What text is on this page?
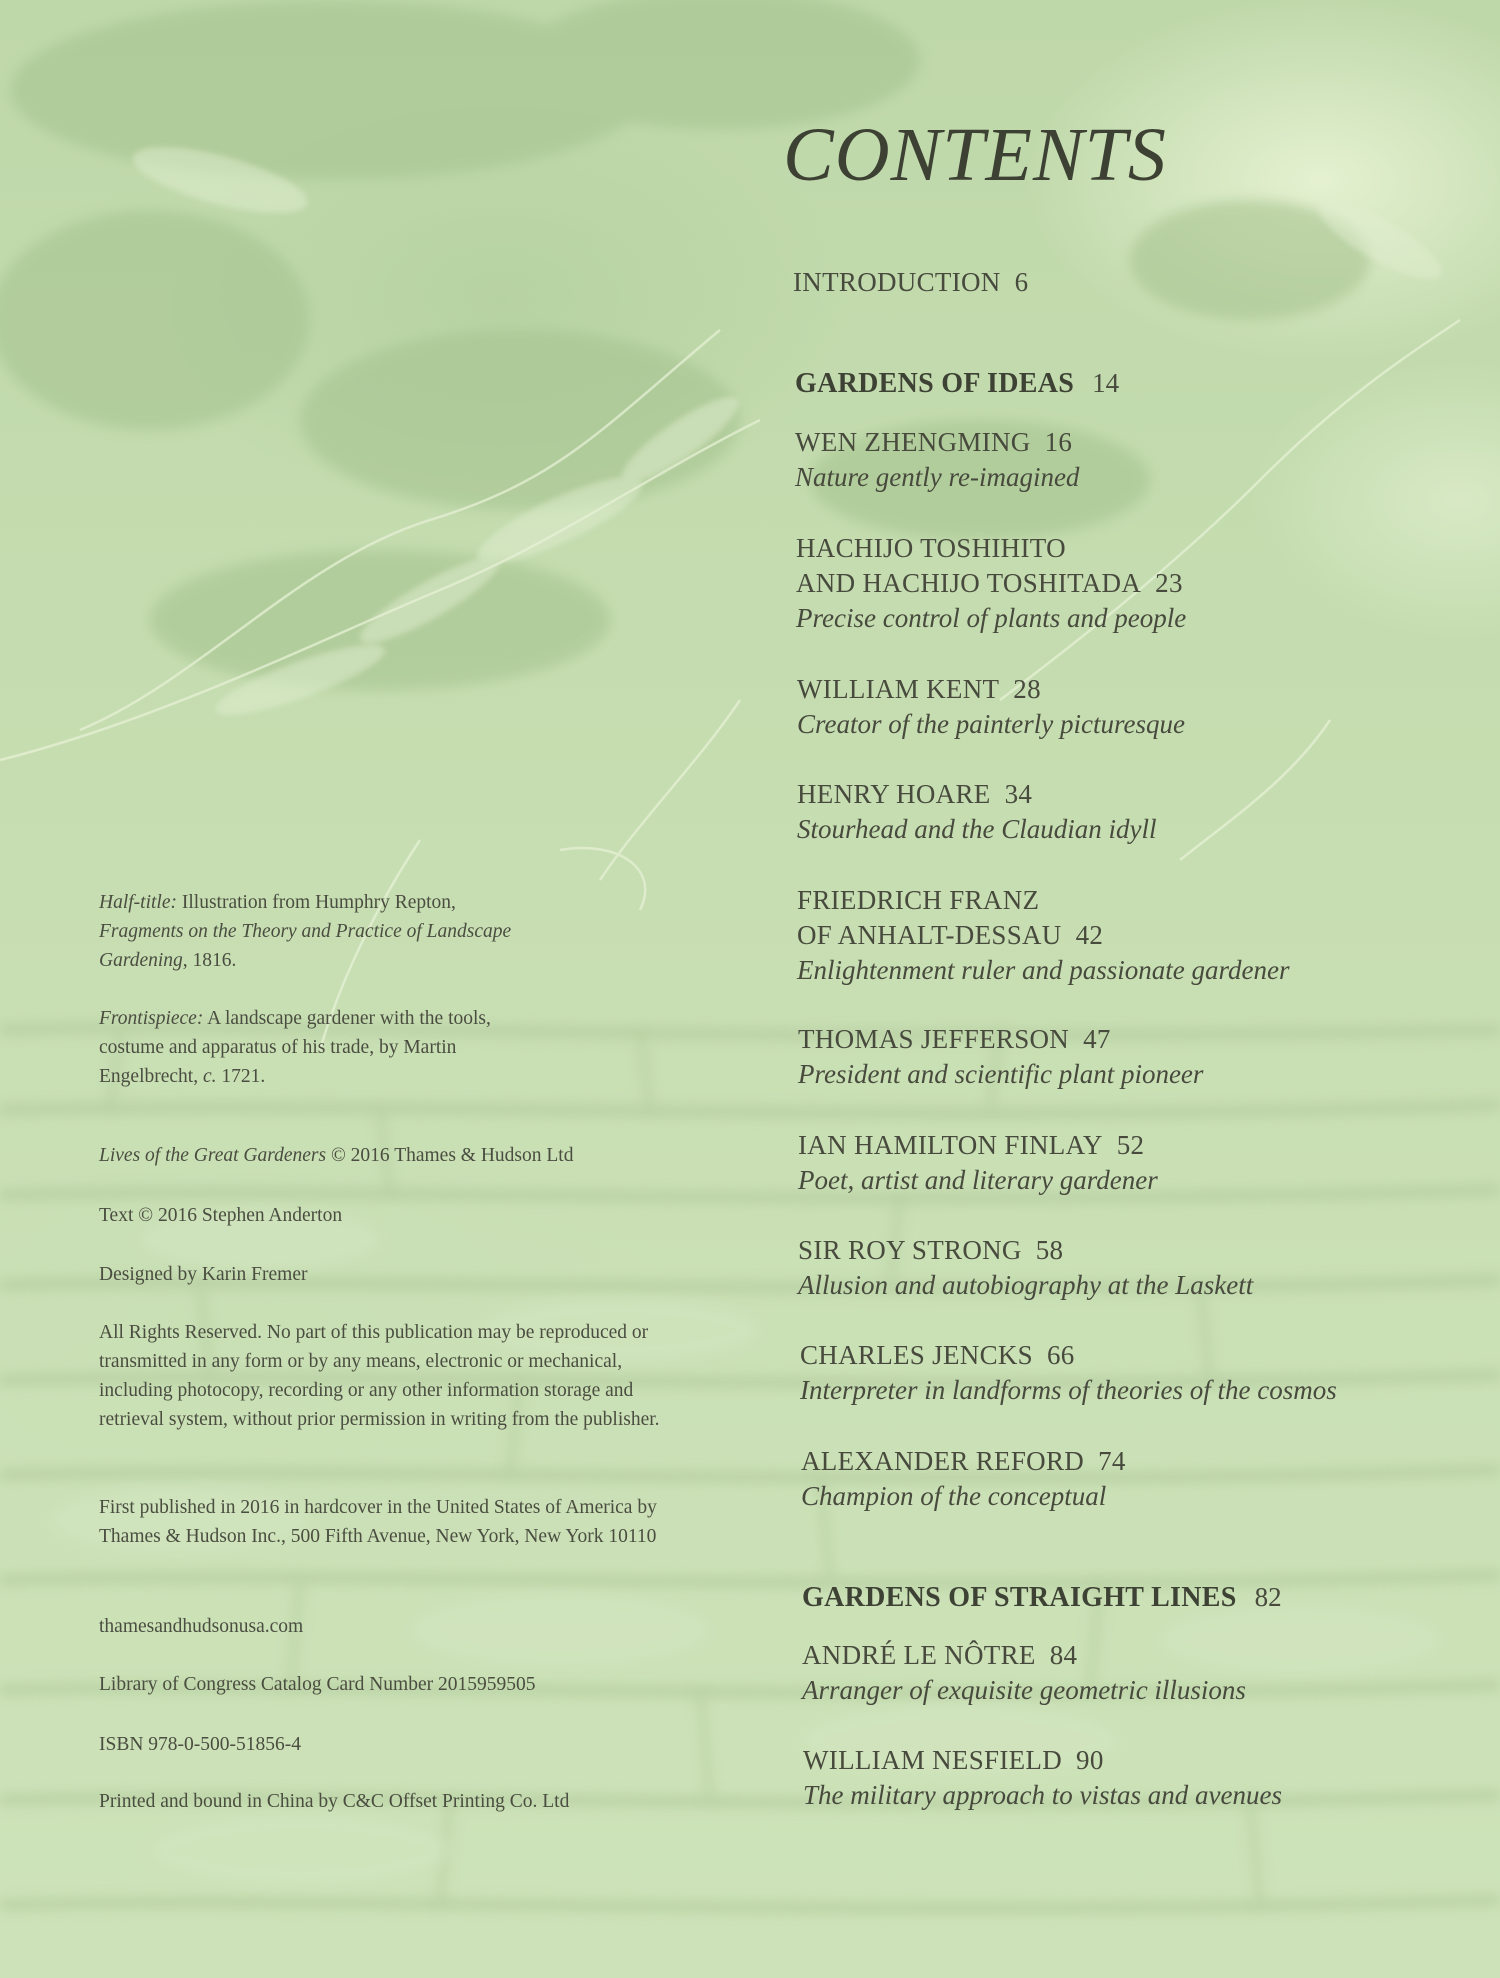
CONTENTS
INTRODUCTION 6
GARDENS OF IDEAS 14
WEN ZHENGMING 16
Nature gently re-imagined
HACHIJO TOSHIHITO
AND HACHIJO TOSHITADA 23
Precise control of plants and people
WILLIAM KENT 28
Creator of the painterly picturesque
HENRY HOARE 34
Stourhead and the Claudian idyll
FRIEDRICH FRANZ
OF ANHALT-DESSAU 42
Enlightenment ruler and passionate gardener
THOMAS JEFFERSON 47
President and scientific plant pioneer
IAN HAMILTON FINLAY 52
Poet, artist and literary gardener
SIR ROY STRONG 58
Allusion and autobiography at the Laskett
CHARLES JENCKS 66
Interpreter in landforms of theories of the cosmos
ALEXANDER REFORD 74
Champion of the conceptual
GARDENS OF STRAIGHT LINES 82
ANDRÉ LE NÔTRE 84
Arranger of exquisite geometric illusions
WILLIAM NESFIELD 90
The military approach to vistas and avenues
Half-title: Illustration from Humphry Repton, Fragments on the Theory and Practice of Landscape Gardening, 1816.
Frontispiece: A landscape gardener with the tools, costume and apparatus of his trade, by Martin Engelbrecht, c. 1721.
Lives of the Great Gardeners © 2016 Thames & Hudson Ltd
Text © 2016 Stephen Anderton
Designed by Karin Fremer
All Rights Reserved. No part of this publication may be reproduced or transmitted in any form or by any means, electronic or mechanical, including photocopy, recording or any other information storage and retrieval system, without prior permission in writing from the publisher.
First published in 2016 in hardcover in the United States of America by Thames & Hudson Inc., 500 Fifth Avenue, New York, New York 10110
thamesandhudsonusa.com
Library of Congress Catalog Card Number 2015959505
ISBN 978-0-500-51856-4
Printed and bound in China by C&C Offset Printing Co. Ltd
